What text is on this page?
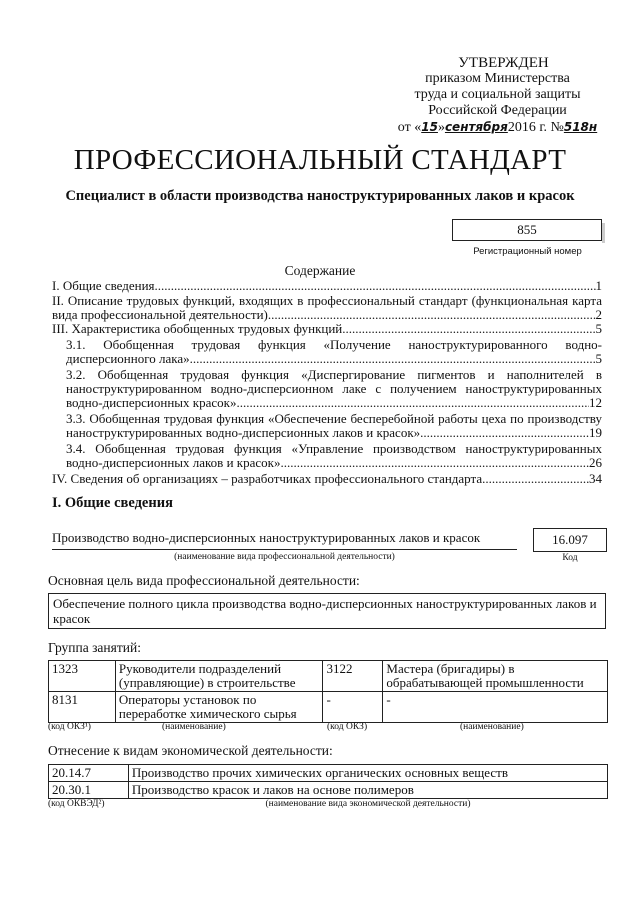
УТВЕРЖДЕН
приказом Министерства
труда и социальной защиты
Российской Федерации
от «15»сентября2016 г. №518н
ПРОФЕССИОНАЛЬНЫЙ СТАНДАРТ
Специалист в области производства наноструктурированных лаков и красок
855
Регистрационный номер
Содержание
I. Общие сведения .....	1
II. Описание трудовых функций, входящих в профессиональный стандарт (функциональная карта
вида профессиональной деятельности) .....	2
III. Характеристика обобщенных трудовых функций .....	5
3.1. Обобщенная трудовая функция «Получение наноструктурированного водно-
дисперсионного лака» .....	5
3.2. Обобщенная трудовая функция «Диспергирование пигментов и наполнителей в
наноструктурированном водно-дисперсионном лаке с получением наноструктурированных
водно-дисперсионных красок» .....	12
3.3. Обобщенная трудовая функция «Обеспечение бесперебойной работы цеха по производству
наноструктурированных водно-дисперсионных лаков и красок» .....	19
3.4. Обобщенная трудовая функция «Управление производством наноструктурированных
водно-дисперсионных лаков и красок» .....	26
IV. Сведения об организациях – разработчиках профессионального стандарта .....	34
I. Общие сведения
Производство водно-дисперсионных наноструктурированных лаков и красок
(наименование вида профессиональной деятельности)
16.097
Код
Основная цель вида профессиональной деятельности:
Обеспечение полного цикла производства водно-дисперсионных наноструктурированных лаков и красок
Группа занятий:
1323	Руководители подразделений (управляющие) в строительстве	3122	Мастера (бригадиры) в обрабатывающей промышленности
8131	Операторы установок по переработке химического сырья	-	-
(код ОКЗ¹)	(наименование)	(код ОКЗ)	(наименование)
Отнесение к видам экономической деятельности:
20.14.7	Производство прочих химических органических основных веществ
20.30.1	Производство красок и лаков на основе полимеров
(код ОКВЭД²)	(наименование вида экономической деятельности)
